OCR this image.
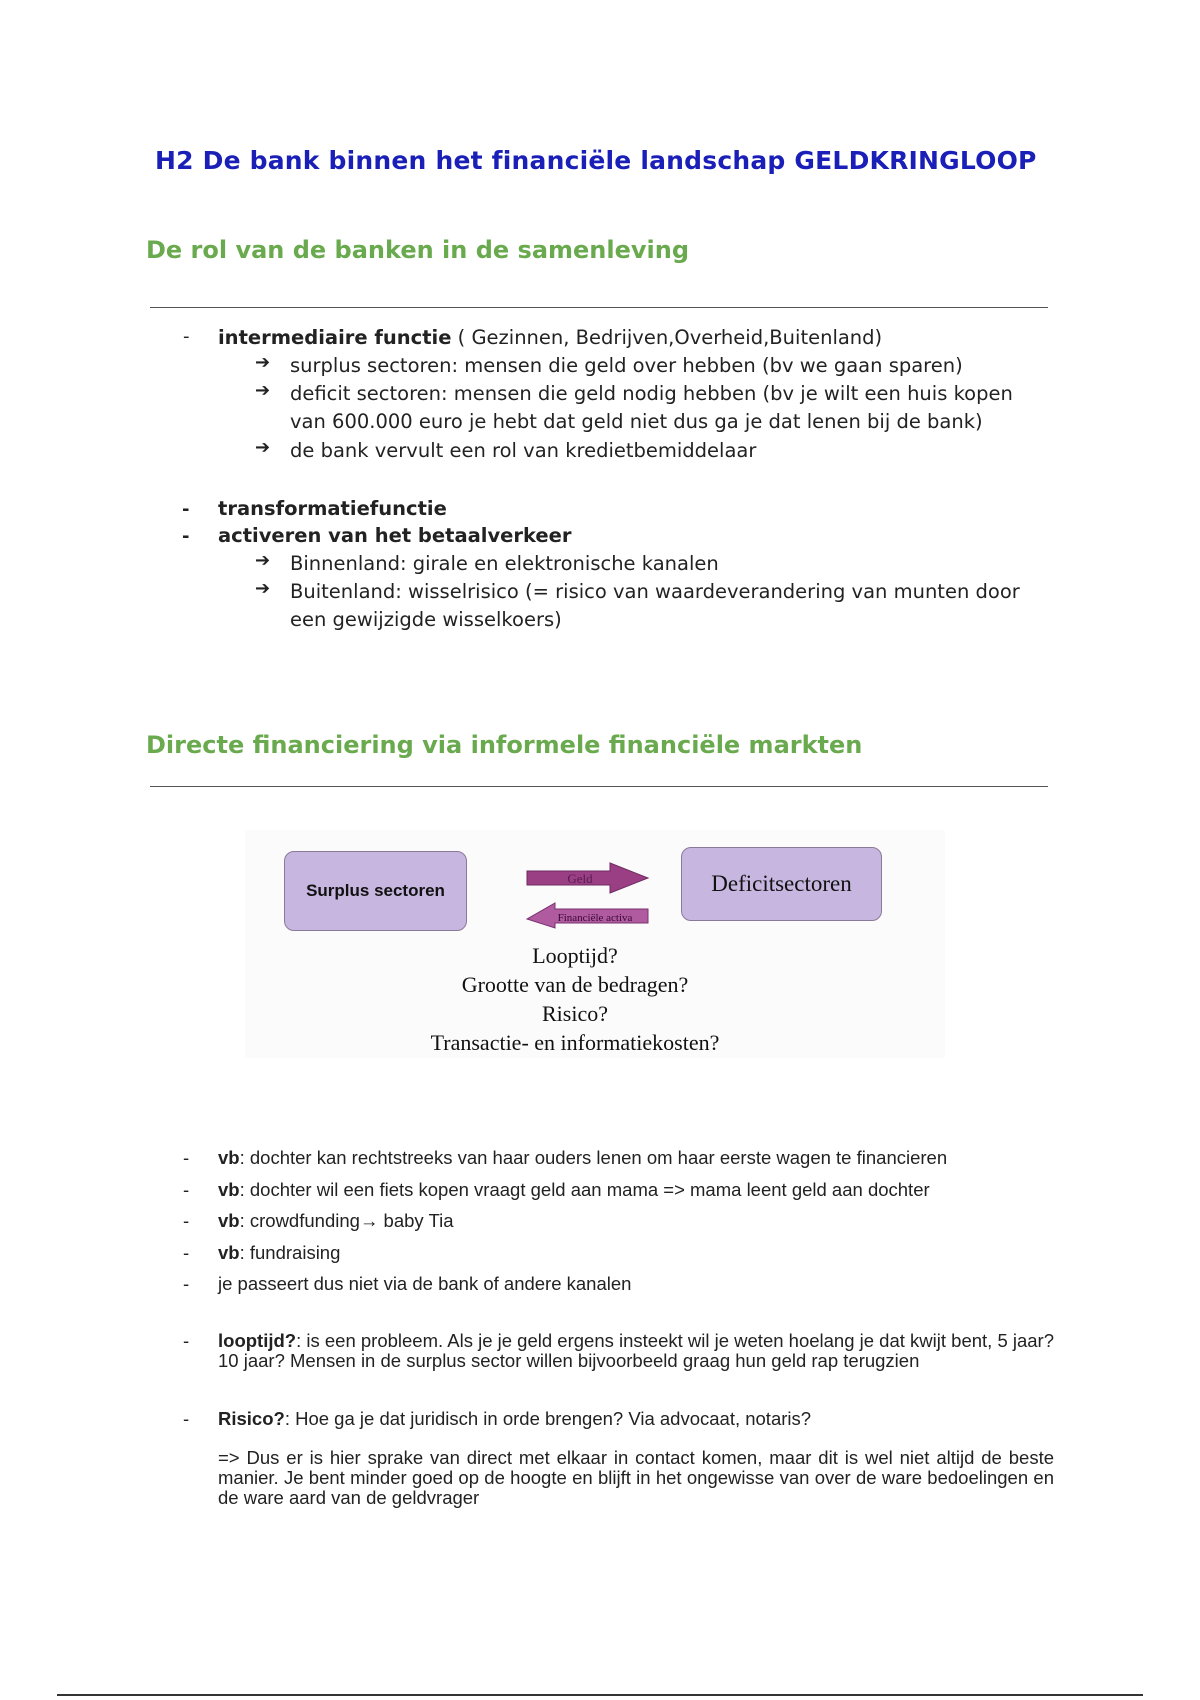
H2 De bank binnen het financiële landschap GELDKRINGLOOP
De rol van de banken in de samenleving
- intermediaire functie ( Gezinnen, Bedrijven,Overheid,Buitenland)
➔ surplus sectoren: mensen die geld over hebben (bv we gaan sparen)
➔ deficit sectoren: mensen die geld nodig hebben (bv je wilt een huis kopen
van 600.000 euro je hebt dat geld niet dus ga je dat lenen bij de bank)
➔ de bank vervult een rol van kredietbemiddelaar
- transformatiefunctie
- activeren van het betaalverkeer
➔ Binnenland: girale en elektronische kanalen
➔ Buitenland: wisselrisico (= risico van waardeverandering van munten door
een gewijzigde wisselkoers)
Directe financiering via informele financiële markten
Surplus sectoren	Deficitsectoren
Geld
Financiële activa
Looptijd?
Grootte van de bedragen?
Risico?
Transactie- en informatiekosten?
- vb: dochter kan rechtstreeks van haar ouders lenen om haar eerste wagen te financieren
- vb: dochter wil een fiets kopen vraagt geld aan mama => mama leent geld aan dochter
- vb: crowdfunding→ baby Tia
- vb: fundraising
- je passeert dus niet via de bank of andere kanalen
- looptijd?: is een probleem. Als je je geld ergens insteekt wil je weten hoelang je dat kwijt bent, 5 jaar? 10 jaar? Mensen in de surplus sector willen bijvoorbeeld graag hun geld rap terugzien
- Risico?: Hoe ga je dat juridisch in orde brengen? Via advocaat, notaris?
=> Dus er is hier sprake van direct met elkaar in contact komen, maar dit is wel niet altijd de beste manier. Je bent minder goed op de hoogte en blijft in het ongewisse van over de ware bedoelingen en de ware aard van de geldvrager
